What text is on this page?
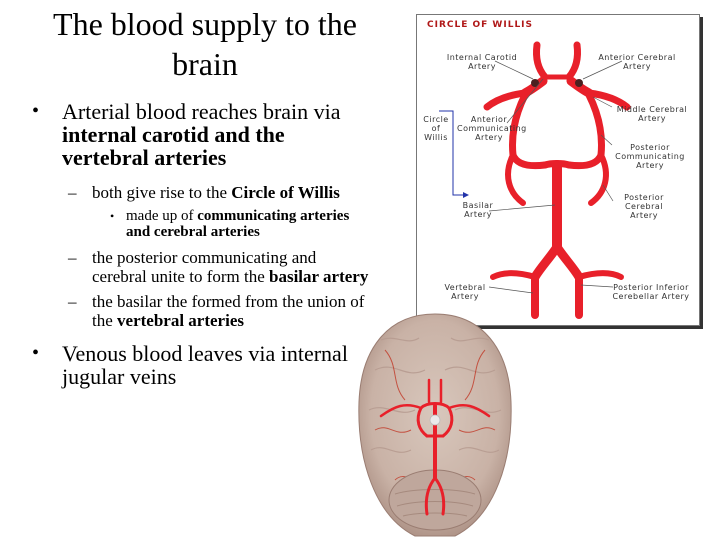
The blood supply to the brain
• Arterial blood reaches brain via internal carotid and the vertebral arteries
– both give rise to the Circle of Willis
• made up of communicating arteries and cerebral arteries
– the posterior communicating and cerebral unite to form the basilar artery
– the basilar the formed from the union of the vertebral arteries
• Venous blood leaves via internal jugular veins
CIRCLE OF WILLIS
Internal Carotid Artery
Anterior Cerebral Artery
Circle of Willis
Anterior Communicating Artery
Middle Cerebral Artery
Posterior Communicating Artery
Posterior Cerebral Artery
Basilar Artery
Vertebral Artery
Posterior Inferior Cerebellar Artery
